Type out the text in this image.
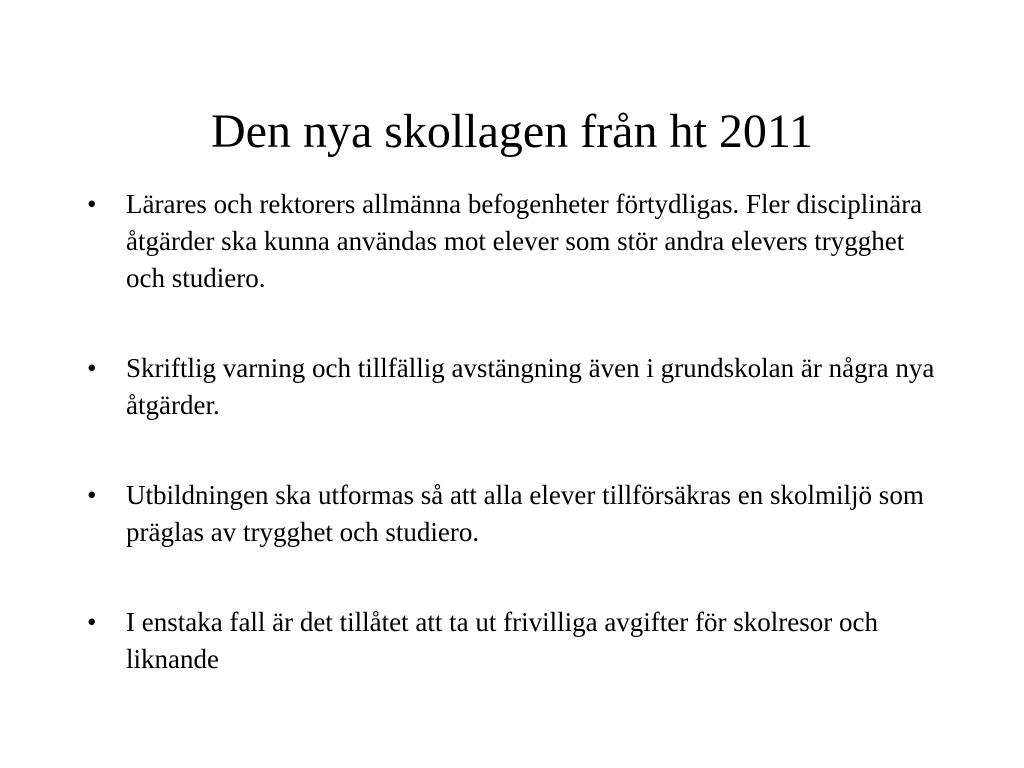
Den nya skollagen från ht 2011
• Lärares och rektorers allmänna befogenheter förtydligas. Fler disciplinära åtgärder ska kunna användas mot elever som stör andra elevers trygghet och studiero.
• Skriftlig varning och tillfällig avstängning även i grundskolan är några nya åtgärder.
• Utbildningen ska utformas så att alla elever tillförsäkras en skolmiljö som präglas av trygghet och studiero.
• I enstaka fall är det tillåtet att ta ut frivilliga avgifter för skolresor och liknande
